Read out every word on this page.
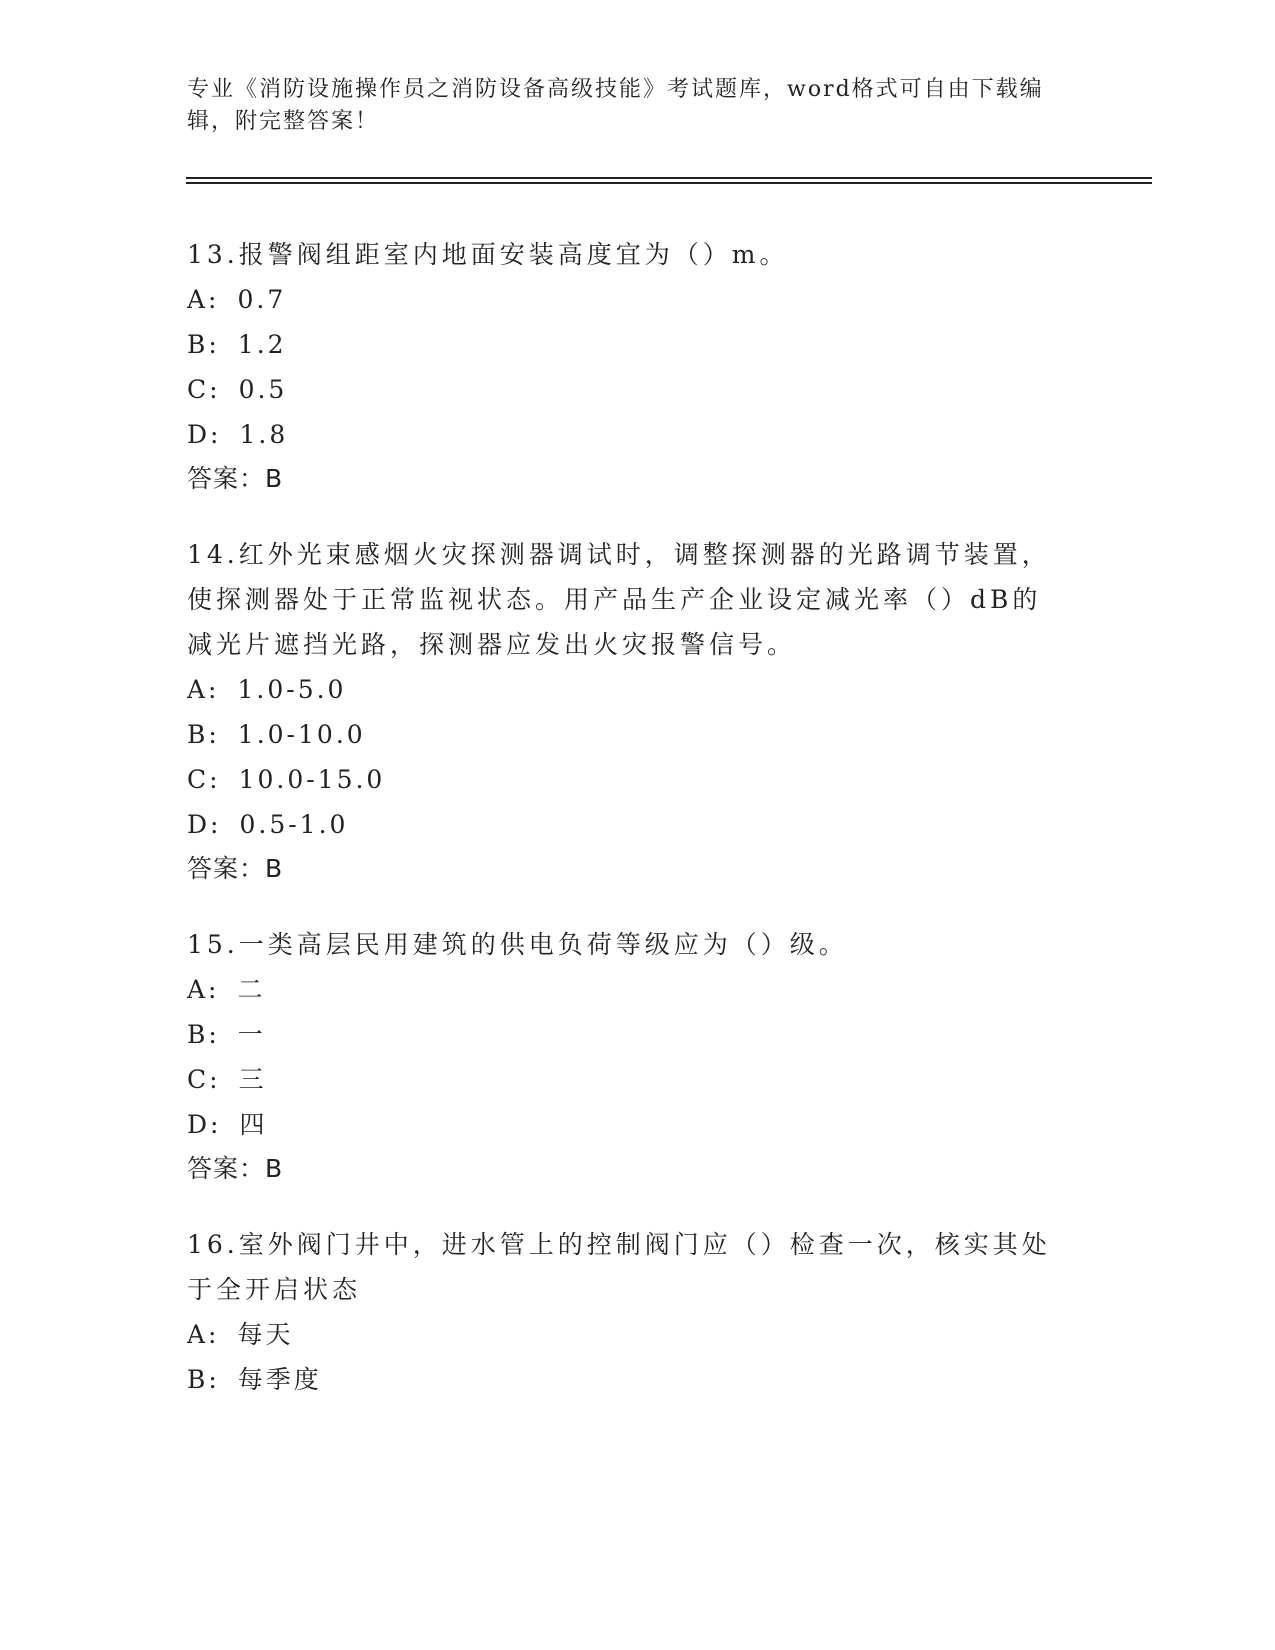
专业《消防设施操作员之消防设备高级技能》考试题库，word格式可自由下载编辑，附完整答案！

13.报警阀组距室内地面安装高度宜为（）m。

A: 0.7
B: 1.2
C: 0.5
D: 1.8

答案：B

14.红外光束感烟火灾探测器调试时，调整探测器的光路调节装置，使探测器处于正常监视状态。用产品生产企业设定减光率（）dB的减光片遮挡光路，探测器应发出火灾报警信号。

A: 1.0-5.0
B: 1.0-10.0
C: 10.0-15.0
D: 0.5-1.0

答案：B

15.一类高层民用建筑的供电负荷等级应为（）级。

A: 二
B: 一
C: 三
D: 四

答案：B

16.室外阀门井中，进水管上的控制阀门应（）检查一次，核实其处于全开启状态

A: 每天
B: 每季度
